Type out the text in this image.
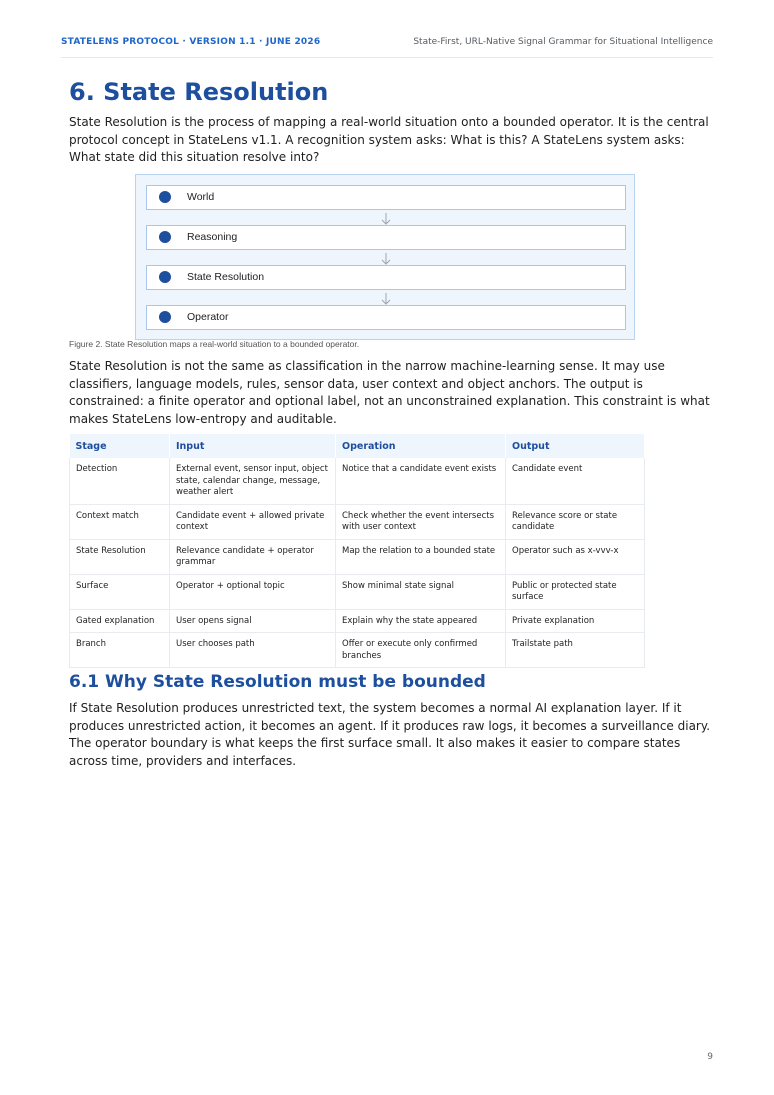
STATELENS PROTOCOL · VERSION 1.1 · JUNE 2026	State-First, URL-Native Signal Grammar for Situational Intelligence
6. State Resolution

State Resolution is the process of mapping a real-world situation onto a bounded operator. It is the central protocol concept in StateLens v1.1. A recognition system asks: What is this? A StateLens system asks: What state did this situation resolve into?

World
Reasoning
State Resolution
Operator
Figure 2. State Resolution maps a real-world situation to a bounded operator.

State Resolution is not the same as classification in the narrow machine-learning sense. It may use classifiers, language models, rules, sensor data, user context and object anchors. The output is constrained: a finite operator and optional label, not an unconstrained explanation. This constraint is what makes StateLens low-entropy and auditable.

Stage	Input	Operation	Output
Detection	External event, sensor input, object state, calendar change, message, weather alert	Notice that a candidate event exists	Candidate event
Context match	Candidate event + allowed private context	Check whether the event intersects with user context	Relevance score or state candidate
State Resolution	Relevance candidate + operator grammar	Map the relation to a bounded state	Operator such as x-vvv-x
Surface	Operator + optional topic	Show minimal state signal	Public or protected state surface
Gated explanation	User opens signal	Explain why the state appeared	Private explanation
Branch	User chooses path	Offer or execute only confirmed branches	Trailstate path
6.1 Why State Resolution must be bounded

If State Resolution produces unrestricted text, the system becomes a normal AI explanation layer. If it produces unrestricted action, it becomes an agent. If it produces raw logs, it becomes a surveillance diary. The operator boundary is what keeps the first surface small. It also makes it easier to compare states across time, providers and interfaces.

9
